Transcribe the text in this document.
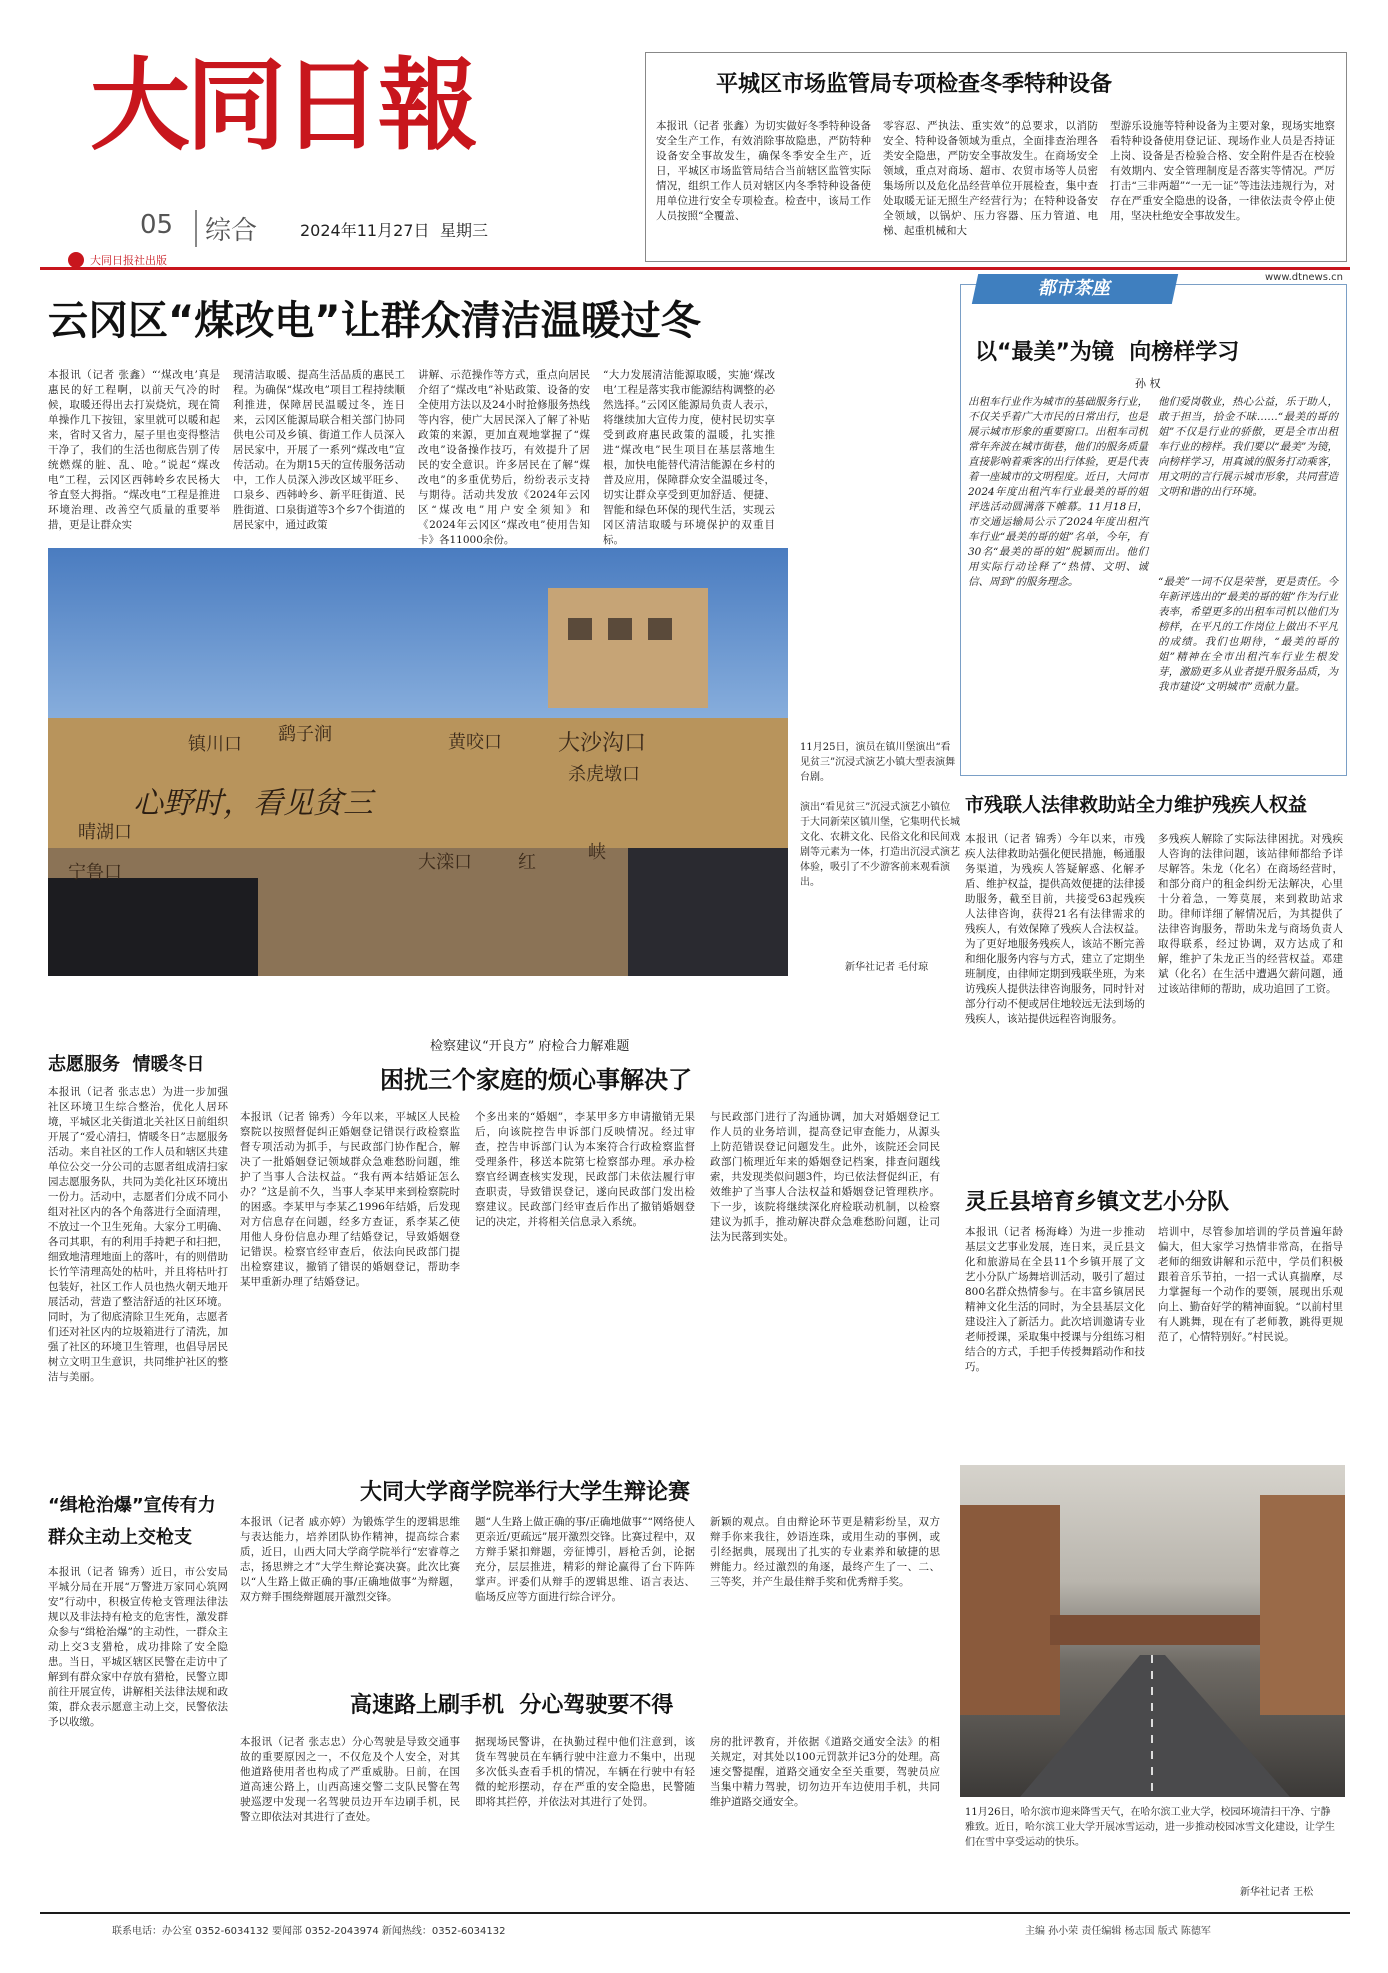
大同日報
05	综合	2024年11月27日 星期三
大同日报社出版
平城区市场监管局专项检查冬季特种设备
本报讯（记者 张鑫）为切实做好冬季特种设备安全生产工作，有效消除事故隐患，严防特种设备安全事故发生，确保冬季安全生产，近日，平城区市场监管局结合当前辖区监管实际情况，组织工作人员对辖区内冬季特种设备使用单位进行安全专项检查。检查中，该局工作人员按照“全覆盖、
零容忍、严执法、重实效”的总要求，以消防安全、特种设备领域为重点，全面排查治理各类安全隐患，严防安全事故发生。在商场安全领域，重点对商场、超市、农贸市场等人员密集场所以及危化品经营单位开展检查，集中查处取暖无证无照生产经营行为；在特种设备安全领域，以锅炉、压力容器、压力管道、电梯、起重机械和大
型游乐设施等特种设备为主要对象，现场实地察看特种设备使用登记证、现场作业人员是否持证上岗、设备是否检验合格、安全附件是否在校验有效期内、安全管理制度是否落实等情况。严厉打击“三非两超”“一无一证”等违法违规行为，对存在严重安全隐患的设备，一律依法责令停止使用，坚决杜绝安全事故发生。
www.dtnews.cn
云冈区“煤改电”让群众清洁温暖过冬
本报讯（记者 张鑫）“‘煤改电’真是惠民的好工程啊，以前天气冷的时候，取暖还得出去打炭烧炕，现在简单操作几下按钮，家里就可以暖和起来，省时又省力，屋子里也变得整洁干净了，我们的生活也彻底告别了传统燃煤的脏、乱、呛。”说起“煤改电”工程，云冈区西韩岭乡农民杨大爷直竖大拇指。“煤改电”工程是推进环境治理、改善空气质量的重要举措，更是让群众实
现清洁取暖、提高生活品质的惠民工程。为确保“煤改电”项目工程持续顺利推进，保障居民温暖过冬，连日来，云冈区能源局联合相关部门协同供电公司及乡镇、街道工作人员深入居民家中，开展了一系列“煤改电”宣传活动。在为期15天的宣传服务活动中，工作人员深入涉改区域平旺乡、口泉乡、西韩岭乡、新平旺街道、民胜街道、口泉街道等3个乡7个街道的居民家中，通过政策
讲解、示范操作等方式，重点向居民介绍了“煤改电”补贴政策、设备的安全使用方法以及24小时抢修服务热线等内容，使广大居民深入了解了补贴政策的来源，更加直观地掌握了“煤改电”设备操作技巧，有效提升了居民的安全意识。许多居民在了解“煤改电”的多重优势后，纷纷表示支持与期待。活动共发放《2024年云冈区“煤改电”用户安全须知》和《2024年云冈区“煤改电”使用告知卡》各11000余份。
“大力发展清洁能源取暖，实施‘煤改电’工程是落实我市能源结构调整的必然选择。”云冈区能源局负责人表示，将继续加大宣传力度，使村民切实享受到政府惠民政策的温暖，扎实推进“煤改电”民生项目在基层落地生根，加快电能替代清洁能源在乡村的普及应用，保障群众安全温暖过冬，切实让群众享受到更加舒适、便捷、智能和绿色环保的现代生活，实现云冈区清洁取暖与环境保护的双重目标。
心野时，看见贫三
镇川口 鹞子涧	黄咬口	大沙沟口
杀虎墩口
晴湖口
宁鲁口	大滦口	红	峡
11月25日，演员在镇川堡演出“看见贫三”沉浸式演艺小镇大型表演舞台剧。
演出“看见贫三”沉浸式演艺小镇位于大同新荣区镇川堡，它集明代长城文化、农耕文化、民俗文化和民间戏剧等元素为一体，打造出沉浸式演艺体验，吸引了不少游客前来观看演出。
新华社记者 毛付琼
都市茶座
以“最美”为镜  向榜样学习
孙 权
出租车行业作为城市的基础服务行业，不仅关乎着广大市民的日常出行，也是展示城市形象的重要窗口。出租车司机常年奔波在城市街巷，他们的服务质量直接影响着乘客的出行体验，更是代表着一座城市的文明程度。近日，大同市2024年度出租汽车行业最美的哥的姐评选活动圆满落下帷幕。11月18日，市交通运输局公示了2024年度出租汽车行业“最美的哥的姐”名单，今年，有30名“最美的哥的姐”脱颖而出。他们用实际行动诠释了“热情、文明、诚信、周到”的服务理念。
他们爱岗敬业，热心公益，乐于助人，敢于担当，拾金不昧……“最美的哥的姐”不仅是行业的骄傲，更是全市出租车行业的榜样。我们要以“最美”为镜，向榜样学习，用真诚的服务打动乘客，用文明的言行展示城市形象，共同营造文明和谐的出行环境。
“最美”一词不仅是荣誉，更是责任。今年新评选出的“最美的哥的姐”作为行业表率，希望更多的出租车司机以他们为榜样，在平凡的工作岗位上做出不平凡的成绩。我们也期待，“最美的哥的姐”精神在全市出租汽车行业生根发芽，激励更多从业者提升服务品质，为我市建设“文明城市”贡献力量。
市残联人法律救助站全力维护残疾人权益
本报讯（记者 锦秀）今年以来，市残疾人法律救助站强化便民措施，畅通服务渠道，为残疾人答疑解惑、化解矛盾、维护权益，提供高效便捷的法律援助服务，截至目前，共接受63起残疾人法律咨询，获得21名有法律需求的残疾人，有效保障了残疾人合法权益。为了更好地服务残疾人，该站不断完善和细化服务内容与方式，建立了定期坐班制度，由律师定期到残联坐班，为来访残疾人提供法律咨询服务，同时针对部分行动不便或居住地较远无法到场的残疾人，该站提供远程咨询服务。
多残疾人解除了实际法律困扰。对残疾人咨询的法律问题，该站律师都给予详尽解答。朱龙（化名）在商场经营时，和部分商户的租金纠纷无法解决，心里十分着急，一筹莫展，来到救助站求助。律师详细了解情况后，为其提供了法律咨询服务，帮助朱龙与商场负责人取得联系，经过协调，双方达成了和解，维护了朱龙正当的经营权益。邓建斌（化名）在生活中遭遇欠薪问题，通过该站律师的帮助，成功追回了工资。
灵丘县培育乡镇文艺小分队
本报讯（记者 杨海峰）为进一步推动基层文艺事业发展，连日来，灵丘县文化和旅游局在全县11个乡镇开展了文艺小分队广场舞培训活动，吸引了超过800名群众热情参与。在丰富乡镇居民精神文化生活的同时，为全县基层文化建设注入了新活力。此次培训邀请专业老师授课，采取集中授课与分组练习相结合的方式，手把手传授舞蹈动作和技巧。
培训中，尽管参加培训的学员普遍年龄偏大，但大家学习热情非常高，在指导老师的细致讲解和示范中，学员们积极跟着音乐节拍，一招一式认真揣摩，尽力掌握每一个动作的要领，展现出乐观向上、勤奋好学的精神面貌。“以前村里有人跳舞，现在有了老师教，跳得更规范了，心情特别好。”村民说。
志愿服务  情暖冬日
本报讯（记者 张志忠）为进一步加强社区环境卫生综合整治，优化人居环境，平城区北关街道北关社区日前组织开展了“爱心清扫，情暖冬日”志愿服务活动。来自社区的工作人员和辖区共建单位公交一分公司的志愿者组成清扫家园志愿服务队，共同为美化社区环境出一份力。活动中，志愿者们分成不同小组对社区内的各个角落进行全面清理，不放过一个卫生死角。大家分工明确、各司其职，有的利用手持耙子和扫把，细致地清理地面上的落叶，有的则借助长竹竿清理高处的枯叶，并且将枯叶打包装好，社区工作人员也热火朝天地开展活动，营造了整洁舒适的社区环境。同时，为了彻底清除卫生死角，志愿者们还对社区内的垃圾箱进行了清洗，加强了社区的环境卫生管理，也倡导居民树立文明卫生意识，共同维护社区的整洁与美丽。
检察建议“开良方” 府检合力解难题
困扰三个家庭的烦心事解决了
本报讯（记者 锦秀）今年以来，平城区人民检察院以按照督促纠正婚姻登记错误行政检察监督专项活动为抓手，与民政部门协作配合，解决了一批婚姻登记领域群众急难愁盼问题，维护了当事人合法权益。“我有两本结婚证怎么办？”这是前不久，当事人李某甲来到检察院时的困惑。李某甲与李某乙1996年结婚，后发现对方信息存在问题，经多方查证，系李某乙使用他人身份信息办理了结婚登记，导致婚姻登记错误。检察官经审查后，依法向民政部门提出检察建议，撤销了错误的婚姻登记，帮助李某甲重新办理了结婚登记。
个多出来的“婚姻”，李某甲多方申请撤销无果后，向该院控告申诉部门反映情况。经过审查，控告申诉部门认为本案符合行政检察监督受理条件，移送本院第七检察部办理。承办检察官经调查核实发现，民政部门未依法履行审查职责，导致错误登记，遂向民政部门发出检察建议。民政部门经审查后作出了撤销婚姻登记的决定，并将相关信息录入系统。
与民政部门进行了沟通协调，加大对婚姻登记工作人员的业务培训，提高登记审查能力，从源头上防范错误登记问题发生。此外，该院还会同民政部门梳理近年来的婚姻登记档案，排查问题线索，共发现类似问题3件，均已依法督促纠正，有效维护了当事人合法权益和婚姻登记管理秩序。下一步，该院将继续深化府检联动机制，以检察建议为抓手，推动解决群众急难愁盼问题，让司法为民落到实处。
“缉枪治爆”宣传有力 群众主动上交枪支
本报讯（记者 锦秀）近日，市公安局平城分局在开展“万警进万家同心筑网安”行动中，积极宣传枪支管理法律法规以及非法持有枪支的危害性，激发群众参与“缉枪治爆”的主动性，一群众主动上交3支猎枪，成功排除了安全隐患。当日，平城区辖区民警在走访中了解到有群众家中存放有猎枪，民警立即前往开展宣传，讲解相关法律法规和政策，群众表示愿意主动上交，民警依法予以收缴。
大同大学商学院举行大学生辩论赛
本报讯（记者 戚亦婷）为锻炼学生的逻辑思维与表达能力，培养团队协作精神，提高综合素质，近日，山西大同大学商学院举行“宏睿尊之志，扬思辨之才”大学生辩论赛决赛。此次比赛以“人生路上做正确的事/正确地做事”为辩题，双方辩手围绕辩题展开激烈交锋。
题“人生路上做正确的事/正确地做事”“网络使人更亲近/更疏远”展开激烈交锋。比赛过程中，双方辩手紧扣辩题，旁征博引，唇枪舌剑，论据充分，层层推进，精彩的辩论赢得了台下阵阵掌声。评委们从辩手的逻辑思维、语言表达、临场反应等方面进行综合评分。
新颖的观点。自由辩论环节更是精彩纷呈，双方辩手你来我往，妙语连珠，或用生动的事例，或引经据典，展现出了扎实的专业素养和敏捷的思辨能力。经过激烈的角逐，最终产生了一、二、三等奖，并产生最佳辩手奖和优秀辩手奖。
高速路上刷手机  分心驾驶要不得
本报讯（记者 张志忠）分心驾驶是导致交通事故的重要原因之一，不仅危及个人安全，对其他道路使用者也构成了严重威胁。日前，在国道高速公路上，山西高速交警二支队民警在驾驶巡逻中发现一名驾驶员边开车边刷手机，民警立即依法对其进行了查处。
据现场民警讲，在执勤过程中他们注意到，该货车驾驶员在车辆行驶中注意力不集中，出现多次低头查看手机的情况，车辆在行驶中有轻微的蛇形摆动，存在严重的安全隐患，民警随即将其拦停，并依法对其进行了处罚。
房的批评教育，并依据《道路交通安全法》的相关规定，对其处以100元罚款并记3分的处理。高速交警提醒，道路交通安全至关重要，驾驶员应当集中精力驾驶，切勿边开车边使用手机，共同维护道路交通安全。
11月26日，哈尔滨市迎来降雪天气，在哈尔滨工业大学，校园环境清扫干净、宁静雅致。近日，哈尔滨工业大学开展冰雪运动，进一步推动校园冰雪文化建设，让学生们在雪中享受运动的快乐。
新华社记者 王松
联系电话：办公室 0352-6034132 要闻部 0352-2043974 新闻热线：0352-6034132	主编 孙小荣 责任编辑 杨志国 版式 陈德军
